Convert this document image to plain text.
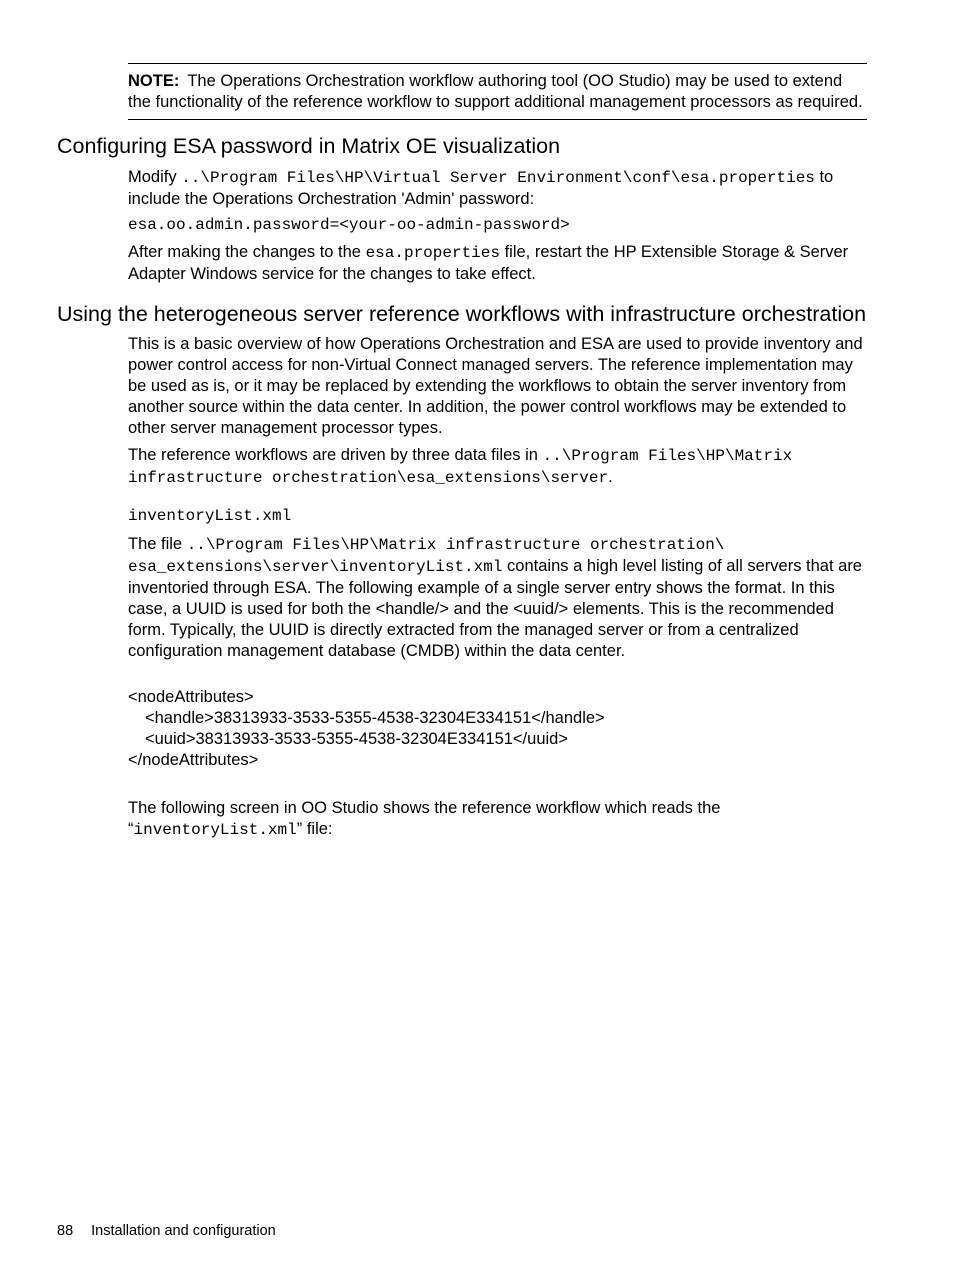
NOTE: The Operations Orchestration workflow authoring tool (OO Studio) may be used to extend the functionality of the reference workflow to support additional management processors as required.
Configuring ESA password in Matrix OE visualization

Modify ..\Program Files\HP\Virtual Server Environment\conf\esa.properties to include the Operations Orchestration 'Admin' password:

esa.oo.admin.password=<your-oo-admin-password>

After making the changes to the esa.properties file, restart the HP Extensible Storage & Server Adapter Windows service for the changes to take effect.

Using the heterogeneous server reference workflows with infrastructure orchestration

This is a basic overview of how Operations Orchestration and ESA are used to provide inventory and power control access for non-Virtual Connect managed servers. The reference implementation may be used as is, or it may be replaced by extending the workflows to obtain the server inventory from another source within the data center. In addition, the power control workflows may be extended to other server management processor types.

The reference workflows are driven by three data files in ..\Program Files\HP\Matrix infrastructure orchestration\esa_extensions\server.

inventoryList.xml

The file ..\Program Files\HP\Matrix infrastructure orchestration\ esa_extensions\server\inventoryList.xml contains a high level listing of all servers that are inventoried through ESA. The following example of a single server entry shows the format. In this case, a UUID is used for both the <handle/> and the <uuid/> elements. This is the recommended form. Typically, the UUID is directly extracted from the managed server or from a centralized configuration management database (CMDB) within the data center.

<nodeAttributes>
<handle>38313933-3533-5355-4538-32304E334151</handle>
<uuid>38313933-3533-5355-4538-32304E334151</uuid>
</nodeAttributes>

The following screen in OO Studio shows the reference workflow which reads the “inventoryList.xml” file:

88 Installation and configuration
